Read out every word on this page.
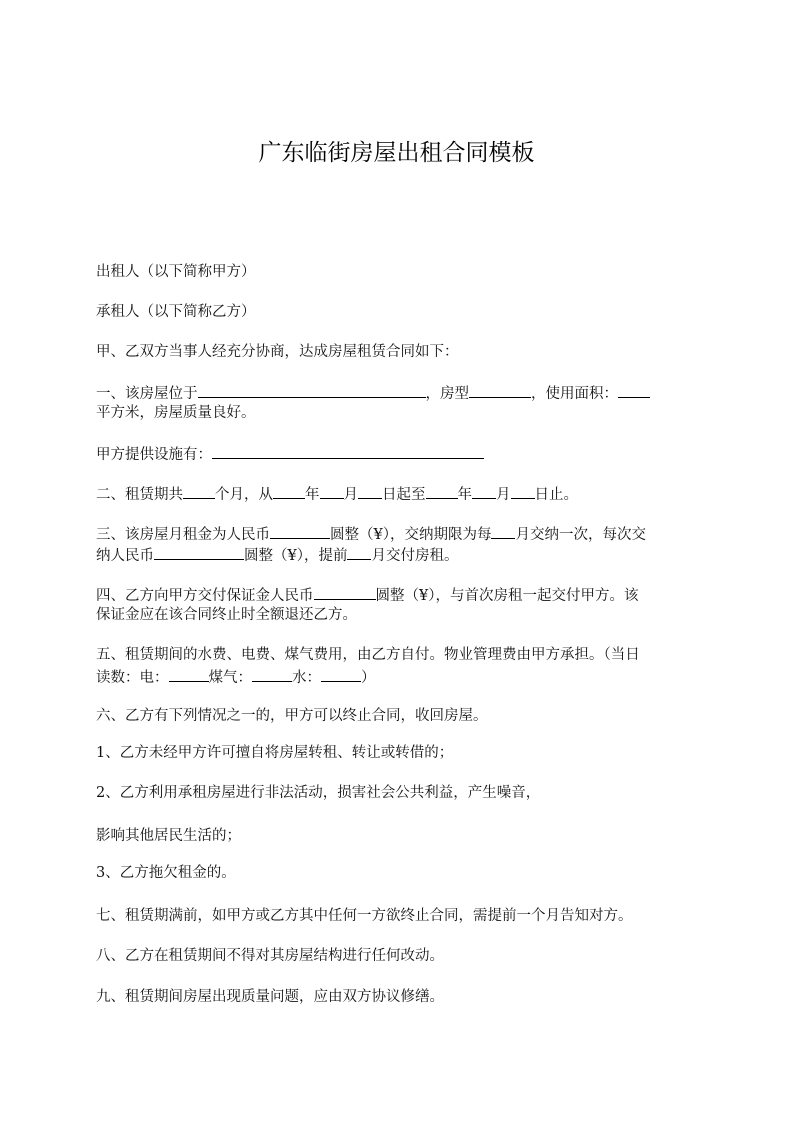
广东临街房屋出租合同模板
出租人（以下简称甲方）
承租人（以下简称乙方）
甲、乙双方当事人经充分协商，达成房屋租赁合同如下：
一、该房屋位于	，房型	，使用面积：
平方米，房屋质量良好。
甲方提供设施有：
二、租赁期共 个月，从 年 月 日起至 年 月 日止。
三、该房屋月租金为人民币	圆整（¥），交纳期限为每 月交纳一次，每次交
纳人民币	圆整（¥），提前 月交付房租。
四、乙方向甲方交付保证金人民币	圆整（¥），与首次房租一起交付甲方。该
保证金应在该合同终止时全额退还乙方。
五、租赁期间的水费、电费、煤气费用，由乙方自付。物业管理费由甲方承担。（当日
读数：电：	煤气：	水：	）
六、乙方有下列情况之一的，甲方可以终止合同，收回房屋。
1、乙方未经甲方许可擅自将房屋转租、转让或转借的；
2、乙方利用承租房屋进行非法活动，损害社会公共利益，产生噪音，
影响其他居民生活的；
3、乙方拖欠租金的。
七、租赁期满前，如甲方或乙方其中任何一方欲终止合同，需提前一个月告知对方。
八、乙方在租赁期间不得对其房屋结构进行任何改动。
九、租赁期间房屋出现质量问题，应由双方协议修缮。
